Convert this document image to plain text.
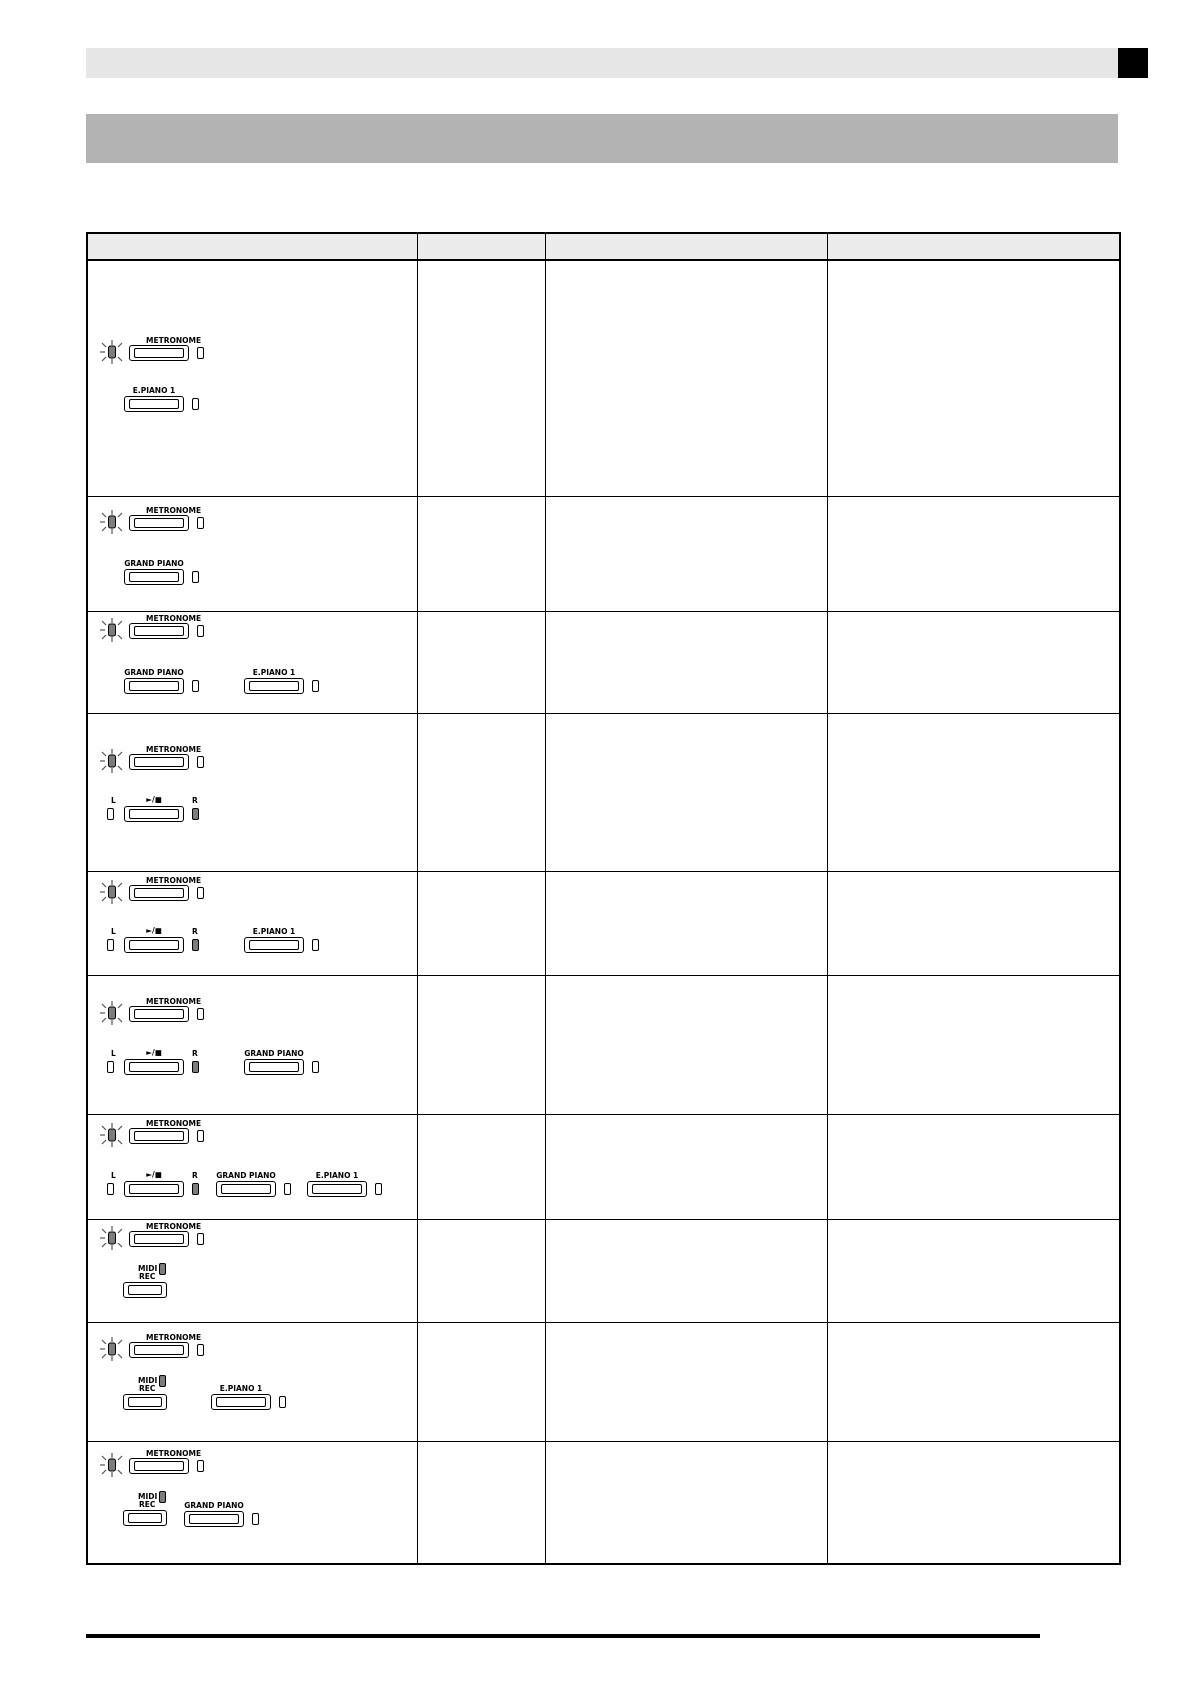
METRONOME
E.PIANO 1
METRONOME
GRAND PIANO
METRONOME
GRAND PIANO	E.PIANO 1
METRONOME
L	►/■	R
METRONOME
L	►/■	R	E.PIANO 1
METRONOME
L	►/■	R	GRAND PIANO
METRONOME
L	►/■	R GRAND PIANO	E.PIANO 1
METRONOME
MIDI
REC
METRONOME
MIDI
REC	E.PIANO 1
METRONOME
MIDI
REC	GRAND PIANO
